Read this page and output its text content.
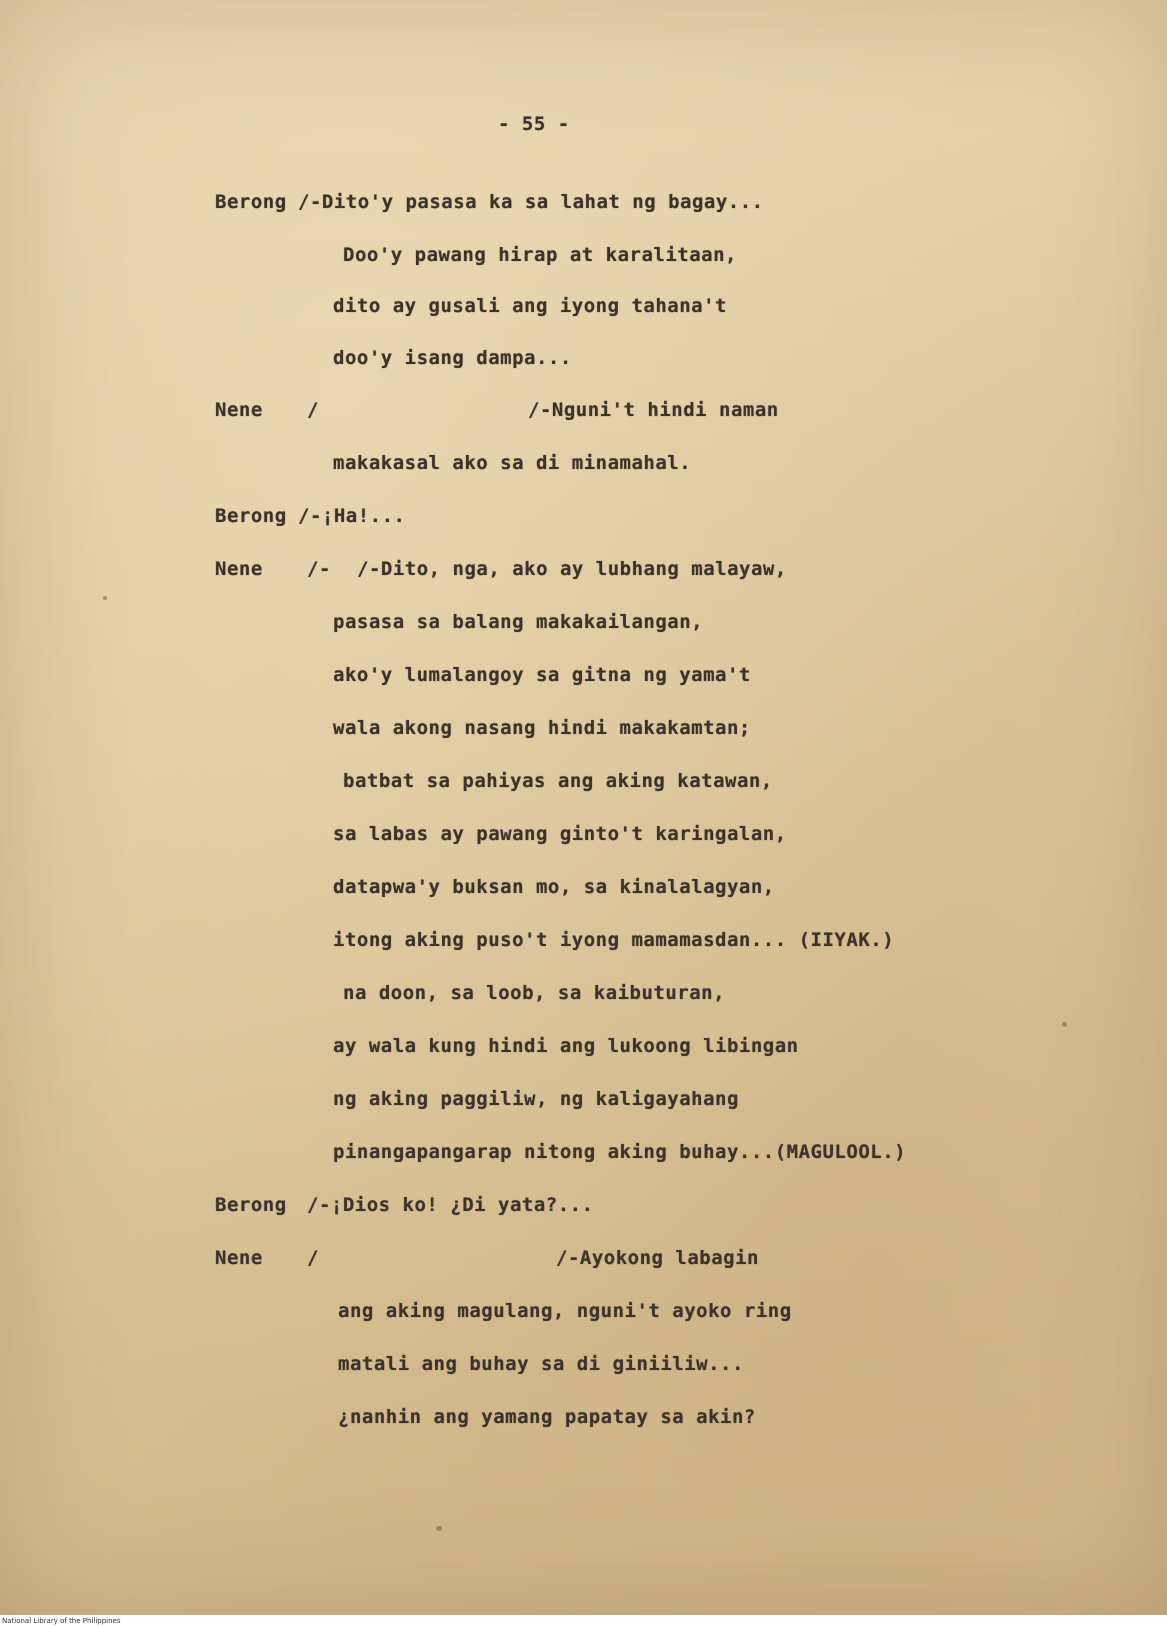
- 55 -

Berong /-Dito'y pasasa ka sa lahat ng bagay...

Doo'y pawang hirap at karalitaan,

dito ay gusali ang iyong tahana't

doo'y isang dampa...

Nene /	/-Nguni't hindi naman

makakasal ako sa di minamahal.

Berong /-¡Ha!...

Nene /- /-Dito, nga, ako ay lubhang malayaw,

pasasa sa balang makakailangan,

ako'y lumalangoy sa gitna ng yama't

wala akong nasang hindi makakamtan;

batbat sa pahiyas ang aking katawan,

sa labas ay pawang ginto't karingalan,

datapwa'y buksan mo, sa kinalalagyan,

itong aking puso't iyong mamamasdan... (IIYAK.)

na doon, sa loob, sa kaibuturan,

ay wala kung hindi ang lukoong libingan

ng aking paggiliw, ng kaligayahang

pinangapangarap nitong aking buhay...(MAGULOOL.)

Berong /-¡Dios ko! ¿Di yata?...

Nene /	/-Ayokong labagin

ang aking magulang, nguni't ayoko ring

matali ang buhay sa di giniiliw...

¿nanhin ang yamang papatay sa akin?

National Library of the Philippines
